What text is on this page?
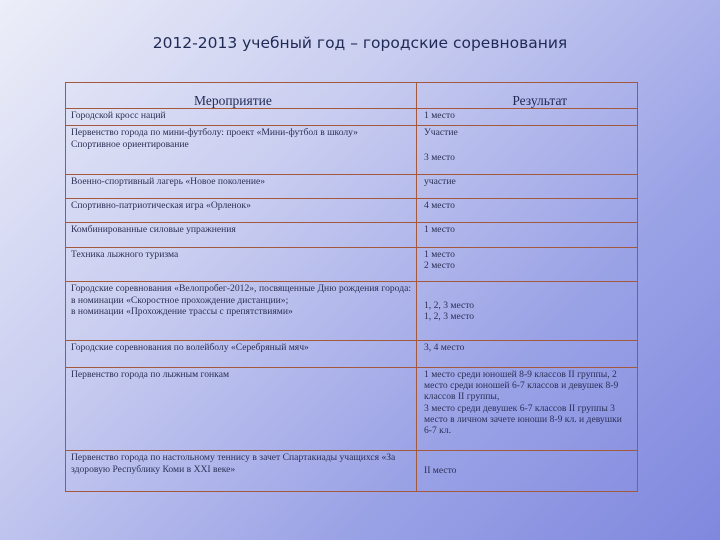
2012-2013 учебный год – городские соревнования
Мероприятие	Результат
Городской кросс наций	1 место

Первенство города по мини-футболу: проект «Мини-футбол в школу»
Спортивное ориентирование	Участие
3 место

Военно-спортивный лагерь «Новое поколение»	участие
Спортивно-патриотическая игра «Орленок»	4 место
Комбинированные силовые упражнения	1 место
Техника лыжного туризма	1 место
2 место

Городские соревнования «Велопробег-2012», посвященные Дню рождения города: в номинации «Скоростное прохождение дистанции»;
в номинации «Прохождение трассы с препятствиями»	1, 2, 3 место
1, 2, 3 место

Городские соревнования по волейболу «Серебряный мяч»	3, 4 место
Первенство города по лыжным гонкам	1 место среди юношей 8-9 классов II группы, 2 место среди юношей 6-7 классов и девушек 8-9 классов II группы,
3 место среди девушек 6-7 классов II группы 3 место в личном зачете юноши 8-9 кл. и девушки 6-7 кл.

Первенство города по настольному теннису в зачет Спартакиады учащихся «За здоровую Республику Коми в XXI веке»	II место
